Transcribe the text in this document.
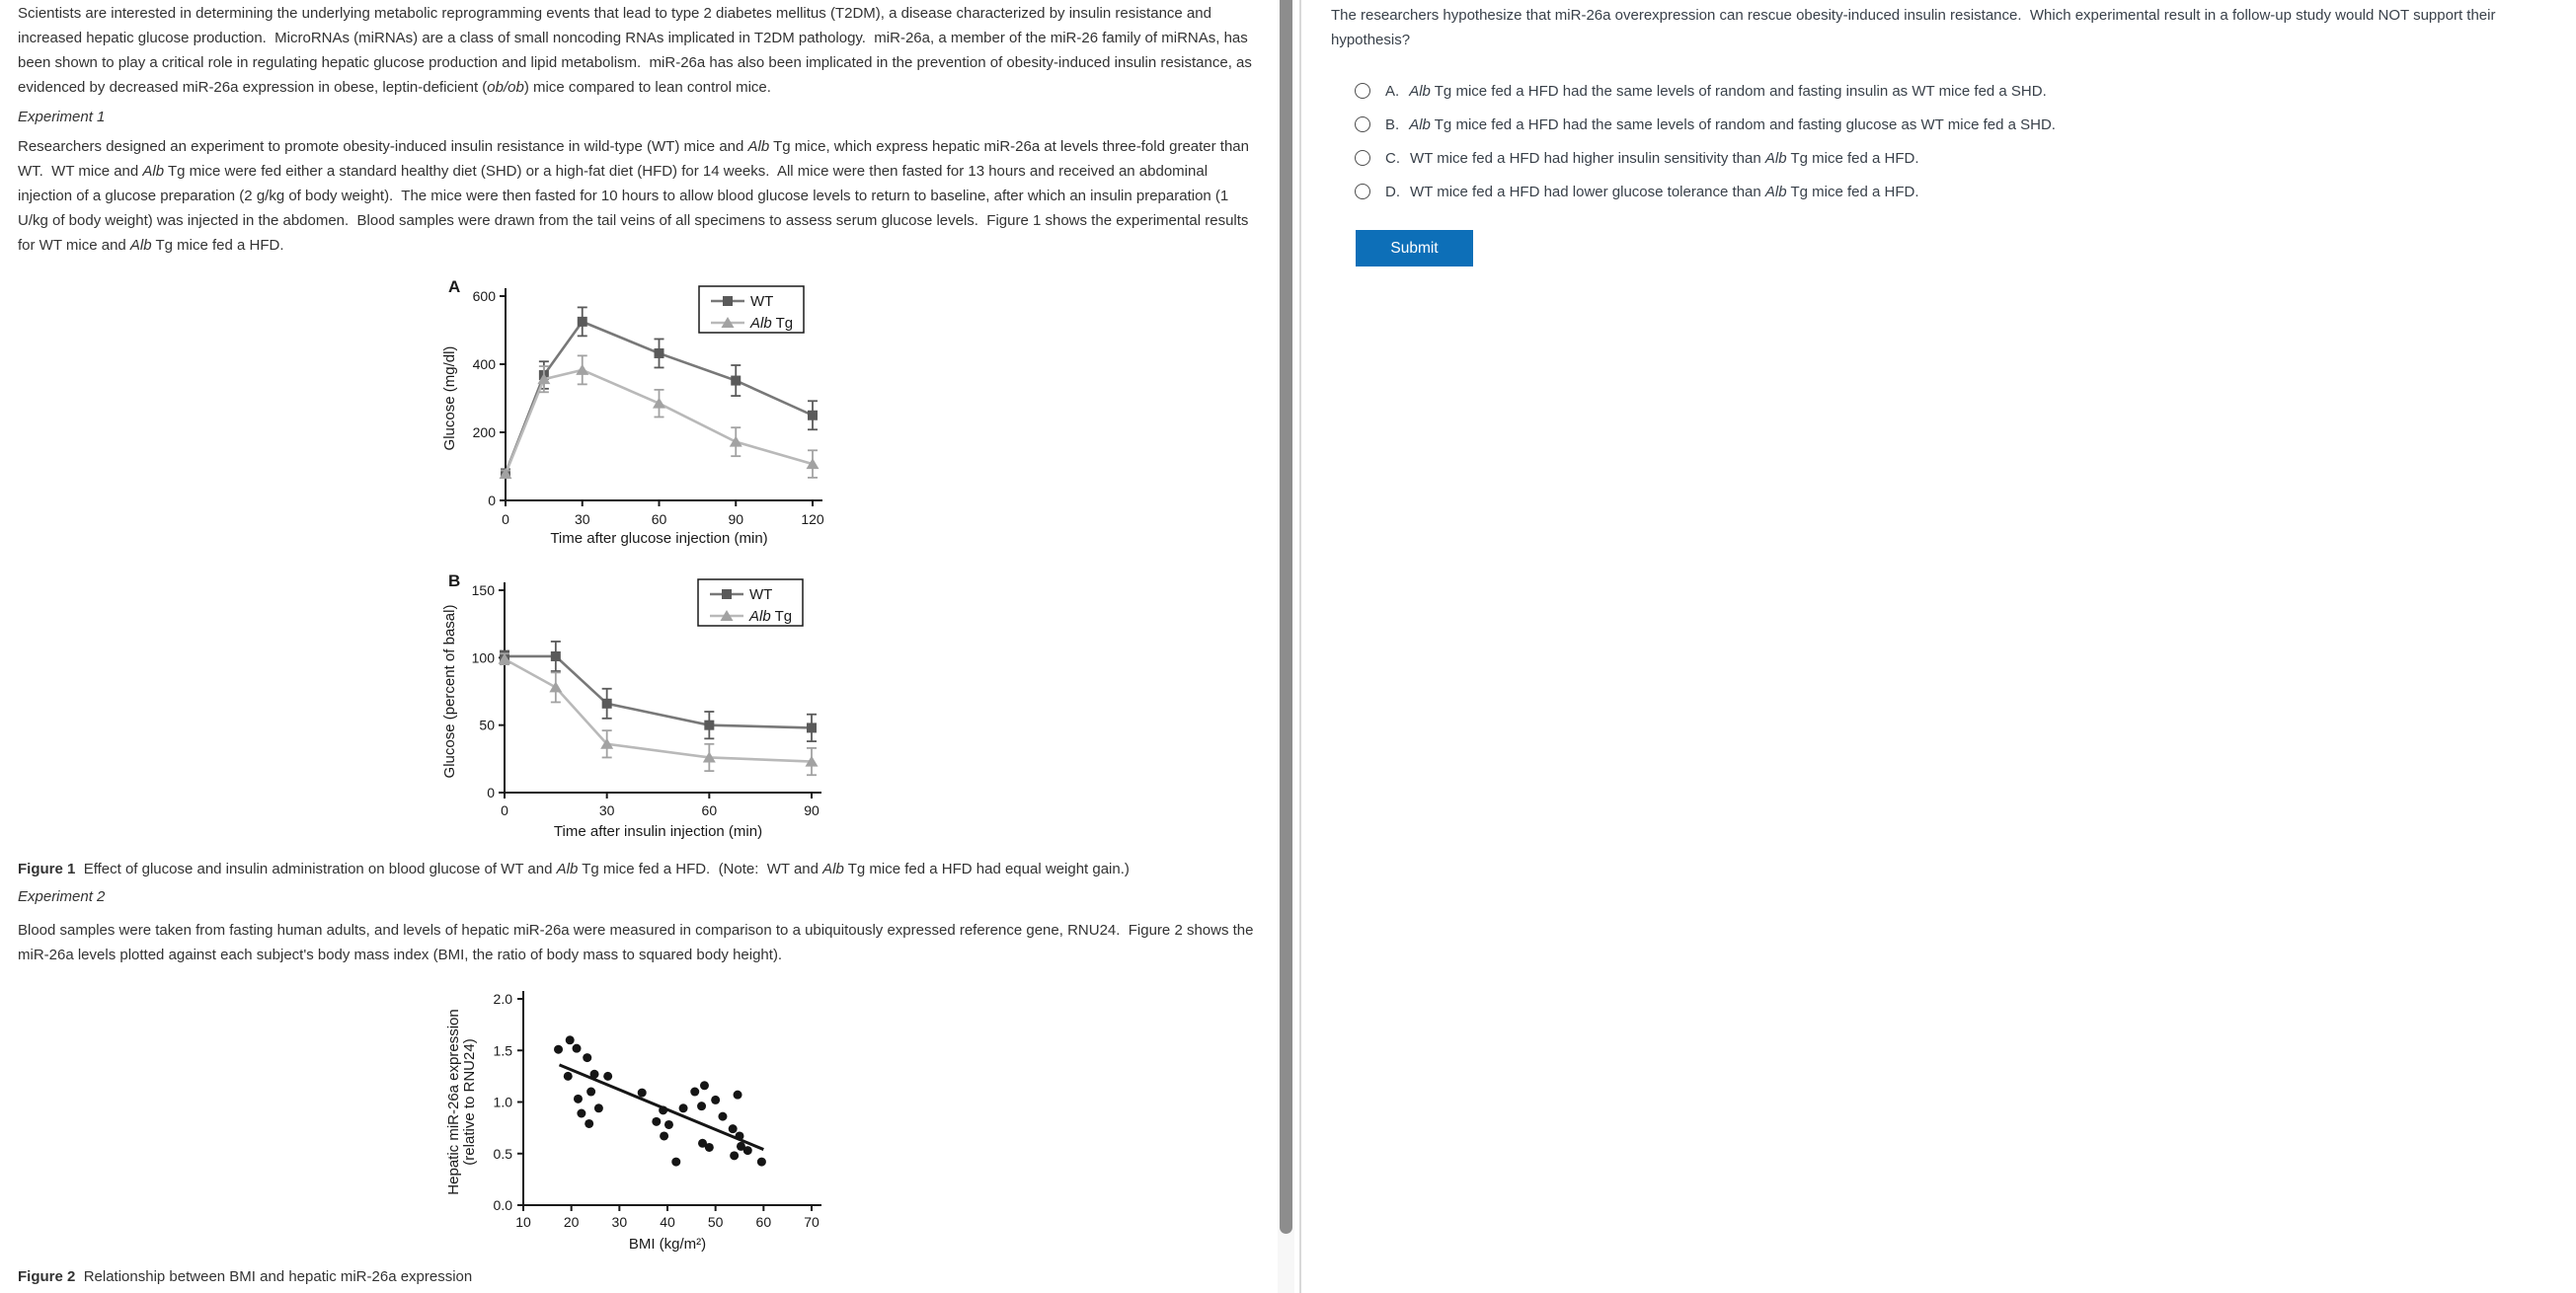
Scientists are interested in determining the underlying metabolic reprogramming events that lead to type 2 diabetes mellitus (T2DM), a disease characterized by insulin resistance and increased hepatic glucose production.  MicroRNAs (miRNAs) are a class of small noncoding RNAs implicated in T2DM pathology.  miR-26a, a member of the miR-26 family of miRNAs, has been shown to play a critical role in regulating hepatic glucose production and lipid metabolism.  miR-26a has also been implicated in the prevention of obesity-induced insulin resistance, as evidenced by decreased miR-26a expression in obese, leptin-deficient (ob/ob) mice compared to lean control mice.

Experiment 1

Researchers designed an experiment to promote obesity-induced insulin resistance in wild-type (WT) mice and Alb Tg mice, which express hepatic miR-26a at levels three-fold greater than WT.  WT mice and Alb Tg mice were fed either a standard healthy diet (SHD) or a high-fat diet (HFD) for 14 weeks.  All mice were then fasted for 13 hours and received an abdominal injection of a glucose preparation (2 g/kg of body weight).  The mice were then fasted for 10 hours to allow blood glucose levels to return to baseline, after which an insulin preparation (1 U/kg of body weight) was injected in the abdomen.  Blood samples were drawn from the tail veins of all specimens to assess serum glucose levels.  Figure 1 shows the experimental results for WT mice and Alb Tg mice fed a HFD.

0	30	60	90	120
0
200
400
600
Time after glucose injection (min)
Glucose (mg/dl)
A
WT
Alb Tg
0	30	60	90
0
50
100
150
Time after insulin injection (min)
Glucose (percent of basal)
B
WT
Alb Tg

Figure 1  Effect of glucose and insulin administration on blood glucose of WT and Alb Tg mice fed a HFD.  (Note:  WT and Alb Tg mice fed a HFD had equal weight gain.)

Experiment 2

Blood samples were taken from fasting human adults, and levels of hepatic miR-26a were measured in comparison to a ubiquitously expressed reference gene, RNU24.  Figure 2 shows the miR-26a levels plotted against each subject's body mass index (BMI, the ratio of body mass to squared body height).

10 20 30 40 50 60 70
0.0
0.5
1.0
1.5
2.0
BMI (kg/m²)
Hepatic miR-26a expression (relative to RNU24)

Figure 2  Relationship between BMI and hepatic miR-26a expression

The researchers hypothesize that miR-26a overexpression can rescue obesity-induced insulin resistance.  Which experimental result in a follow-up study would NOT support their hypothesis?

A. Alb Tg mice fed a HFD had the same levels of random and fasting insulin as WT mice fed a SHD.
B. Alb Tg mice fed a HFD had the same levels of random and fasting glucose as WT mice fed a SHD.
C. WT mice fed a HFD had higher insulin sensitivity than Alb Tg mice fed a HFD.
D. WT mice fed a HFD had lower glucose tolerance than Alb Tg mice fed a HFD.
Submit
